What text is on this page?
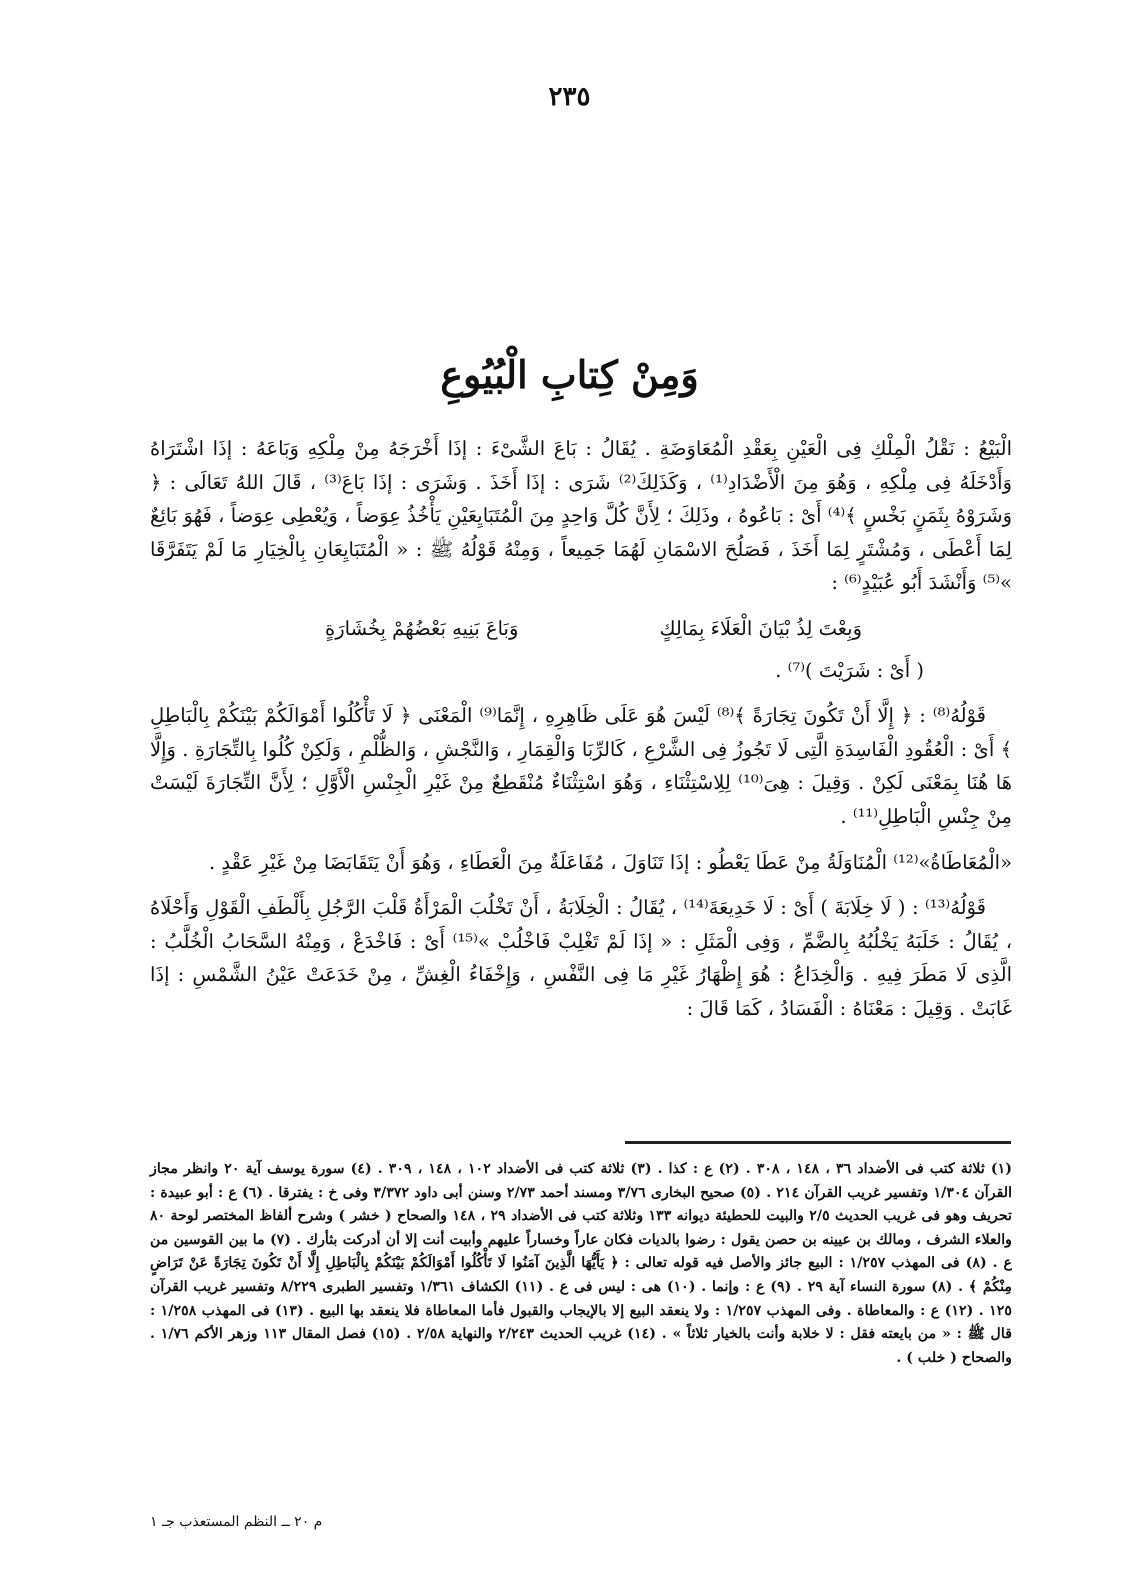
٢٣٥
وَمِنْ كِتابِ الْبُيُوعِ

الْبَيْعُ : نَقْلُ الْمِلْكِ فِى الْعَيْنِ بِعَقْدِ الْمُعَاوَضَةِ . يُقَالُ : بَاعَ الشَّىْءَ : إذَا أَخْرَجَهُ مِنْ مِلْكِهِ وَبَاعَهُ : إذَا اشْتَرَاهُ وَأَدْخَلَهُ فِى مِلْكِهِ ، وَهُوَ مِنَ الْأَضْدَادِ⁽¹⁾ ، وَكَذَلِكَ⁽²⁾ شَرَى : إذَا أَخَذَ . وَشَرَى : إذَا بَاعَ⁽³⁾ ، قَالَ اللهُ تَعَالَى : ﴿ وَشَرَوْهُ بِثَمَنٍ بَخْسٍ ﴾⁽⁴⁾ أَىْ : بَاعُوهُ ، وذَلِكَ ؛ لِأَنَّ كُلَّ وَاحِدٍ مِنَ الْمُتَبَايِعَيْنِ يَأْخُذُ عِوَضاً ، وَيُعْطِى عِوَضاً ، فَهُوَ بَائِعٌ لِمَا أَعْطَى ، وَمُشْتَرٍ لِمَا أَخَذَ ، فَصَلُحَ الاسْمَانِ لَهُمَا جَمِيعاً ، وَمِنْهُ قَوْلُهُ ﷺ : « الْمُتَبَايِعَانِ بِالْخِيَارِ مَا لَمْ يَتَفَرَّقَا »⁽⁵⁾ وَأَنْشَدَ أَبُو عُبَيْدٍ⁽⁶⁾ :

وَبِعْتَ لِذُ بْيَانَ الْعَلَاءَ بِمَالِكٍ
وَبَاعَ بَنِيهِ بَعْضُهُمْ بِخُشَارَةٍ

( أَىْ : شَرَيْتَ )⁽⁷⁾ .

قَوْلُهُ⁽⁸⁾ : ﴿ إِلَّا أَنْ تَكُونَ تِجَارَةً ﴾⁽⁸⁾ لَيْسَ هُوَ عَلَى ظَاهِرِهِ ، إِنَّمَا⁽⁹⁾ الْمَعْنَى ﴿ لَا تَأْكُلُوا أَمْوَالَكُمْ بَيْنَكُمْ بِالْبَاطِلِ ﴾ أَىْ : الْعُقُودِ الْفَاسِدَةِ الَّتِى لَا تَجُوزُ فِى الشَّرْعِ ، كَالرِّبَا وَالْقِمَارِ ، وَالنَّجْشِ ، وَالظُّلْمِ ، وَلَكِنْ كُلُوا بِالتِّجَارَةِ . وَإِلَّا هَا هُنَا بِمَعْنَى لَكِنْ . وَقِيلَ : هِىَ⁽¹⁰⁾ لِلِاسْتِثْنَاءِ ، وَهُوَ اسْتِثْنَاءٌ مُنْقَطِعٌ مِنْ غَيْرِ الْجِنْسِ الْأَوَّلِ ؛ لِأَنَّ التِّجَارَةَ لَيْسَتْ مِنْ جِنْسِ الْبَاطِلِ⁽¹¹⁾ .

«الْمُعَاطَاةُ»⁽¹²⁾ الْمُنَاوَلَةُ مِنْ عَطَا يَعْطُو : إذَا تَنَاوَلَ ، مُفَاعَلَةٌ مِنَ الْعَطَاءِ ، وَهُوَ أَنْ يَتَقَابَضَا مِنْ غَيْرِ عَقْدٍ .

قَوْلُهُ⁽¹³⁾ : ( لَا خِلَابَةَ ) أَىْ : لَا خَدِيعَةَ⁽¹⁴⁾ ، يُقَالُ : الْخِلَابَةُ ، أَنْ تَخْلُبَ الْمَرْأَةُ قَلْبَ الرَّجُلِ بِأَلْطَفِ الْقَوْلِ وَأَحْلَاهُ ، يُقَالُ : خَلَبَهُ يَخْلُبُهُ بِالضَّمِّ ، وَفِى الْمَثَلِ : « إذَا لَمْ تَغْلِبْ فَاخْلُبْ »⁽¹⁵⁾ أَىْ : فَاخْدَعْ ، وَمِنْهُ السَّحَابُ الْخُلَّبُ : الَّذِى لَا مَطَرَ فِيهِ . وَالْخِدَاعُ : هُوَ إِظْهَارُ غَيْرِ مَا فِى النَّفْسِ ، وَإِخْفَاءُ الْغِشِّ ، مِنْ خَدَعَتْ عَيْنُ الشَّمْسِ : إذَا غَابَتْ . وَقِيلَ : مَعْنَاهُ : الْفَسَادُ ، كَمَا قَالَ :

(١) ثلاثة كتب فى الأضداد ٣٦ ، ١٤٨ ، ٣٠٨ . (٢) ع : كذا . (٣) ثلاثة كتب فى الأضداد ١٠٢ ، ١٤٨ ، ٣٠٩ . (٤) سورة يوسف آية ٢٠ وانظر مجاز القرآن ١/٣٠٤ وتفسير غريب القرآن ٢١٤ . (٥) صحيح البخارى ٣/٧٦ ومسند أحمد ٢/٧٣ وسنن أبى داود ٣/٣٧٢ وفى خ : يفترقا . (٦) ع : أبو عبيدة : تحريف وهو فى غريب الحديث ٢/٥ والبيت للحطيئة ديوانه ١٣٣ وثلاثة كتب فى الأضداد ٢٩ ، ١٤٨ والصحاح ( خشر ) وشرح ألفاظ المختصر لوحة ٨٠ والعلاء الشرف ، ومالك بن عيينه بن حصن يقول : رضوا بالديات فكان عاراً وخساراً عليهم وأبيت أنت إلا أن أدركت بثأرك . (٧) ما بين القوسين من ع . (٨) فى المهذب ١/٢٥٧ : البيع جائز والأصل فيه قوله تعالى : ﴿ يَأَيُّهَا الَّذِينَ آمَنُوا لَا تَأْكُلُوا أَمْوَالَكُمْ بَيْنَكُمْ بِالْبَاطِلِ إِلَّا أَنْ تَكُونَ تِجَارَةً عَنْ تَرَاضٍ مِنْكُمْ ﴾ . (٨) سورة النساء آية ٢٩ . (٩) ع : وإنما . (١٠) هى : ليس فى ع . (١١) الكشاف ١/٣٦١ وتفسير الطبرى ٨/٢٢٩ وتفسير غريب القرآن ١٢٥ . (١٢) ع : والمعاطاة . وفى المهذب ١/٢٥٧ : ولا ينعقد البيع إلا بالإيجاب والقبول فأما المعاطاة فلا ينعقد بها البيع . (١٣) فى المهذب ١/٢٥٨ : قال ﷺ : « من بايعته فقل : لا خلابة وأنت بالخيار ثلاثاً » . (١٤) غريب الحديث ٢/٢٤٣ والنهاية ٢/٥٨ . (١٥) فصل المقال ١١٣ وزهر الأكم ١/٧٦ . والصحاح ( خلب ) .
م ٢٠ ــ النظم المستعذب جـ ١
